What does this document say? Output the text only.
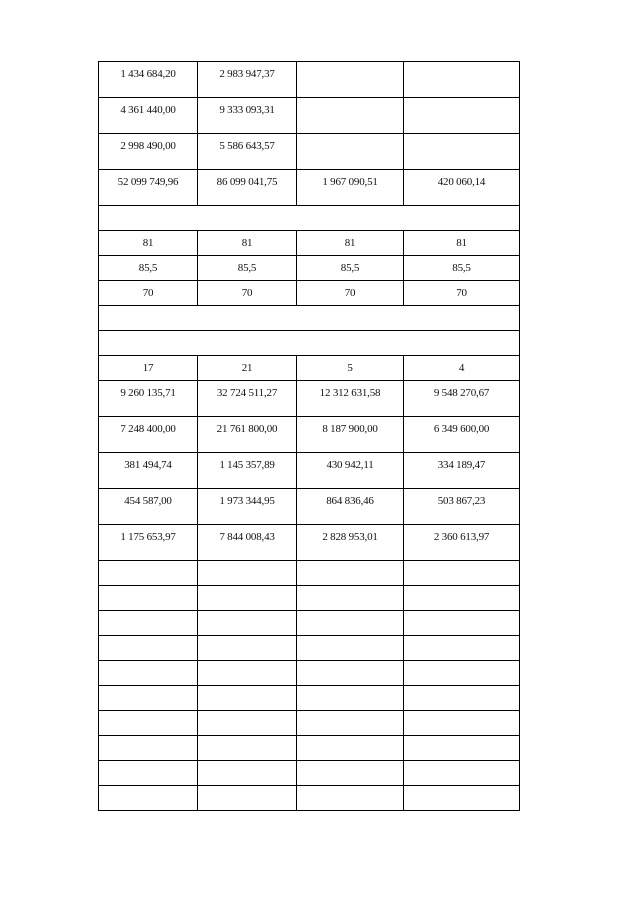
1 434 684,20	2 983 947,37		
4 361 440,00	9 333 093,31		
2 998 490,00	5 586 643,57		
52 099 749,96	86 099 041,75	1 967 090,51	420 060,14

81	81	81	81
85,5	85,5	85,5	85,5
70	70	70	70

17	21	5	4
9 260 135,71	32 724 511,27	12 312 631,58	9 548 270,67
7 248 400,00	21 761 800,00	8 187 900,00	6 349 600,00
381 494,74	1 145 357,89	430 942,11	334 189,47
454 587,00	1 973 344,95	864 836,46	503 867,23
1 175 653,97	7 844 008,43	2 828 953,01	2 360 613,97
